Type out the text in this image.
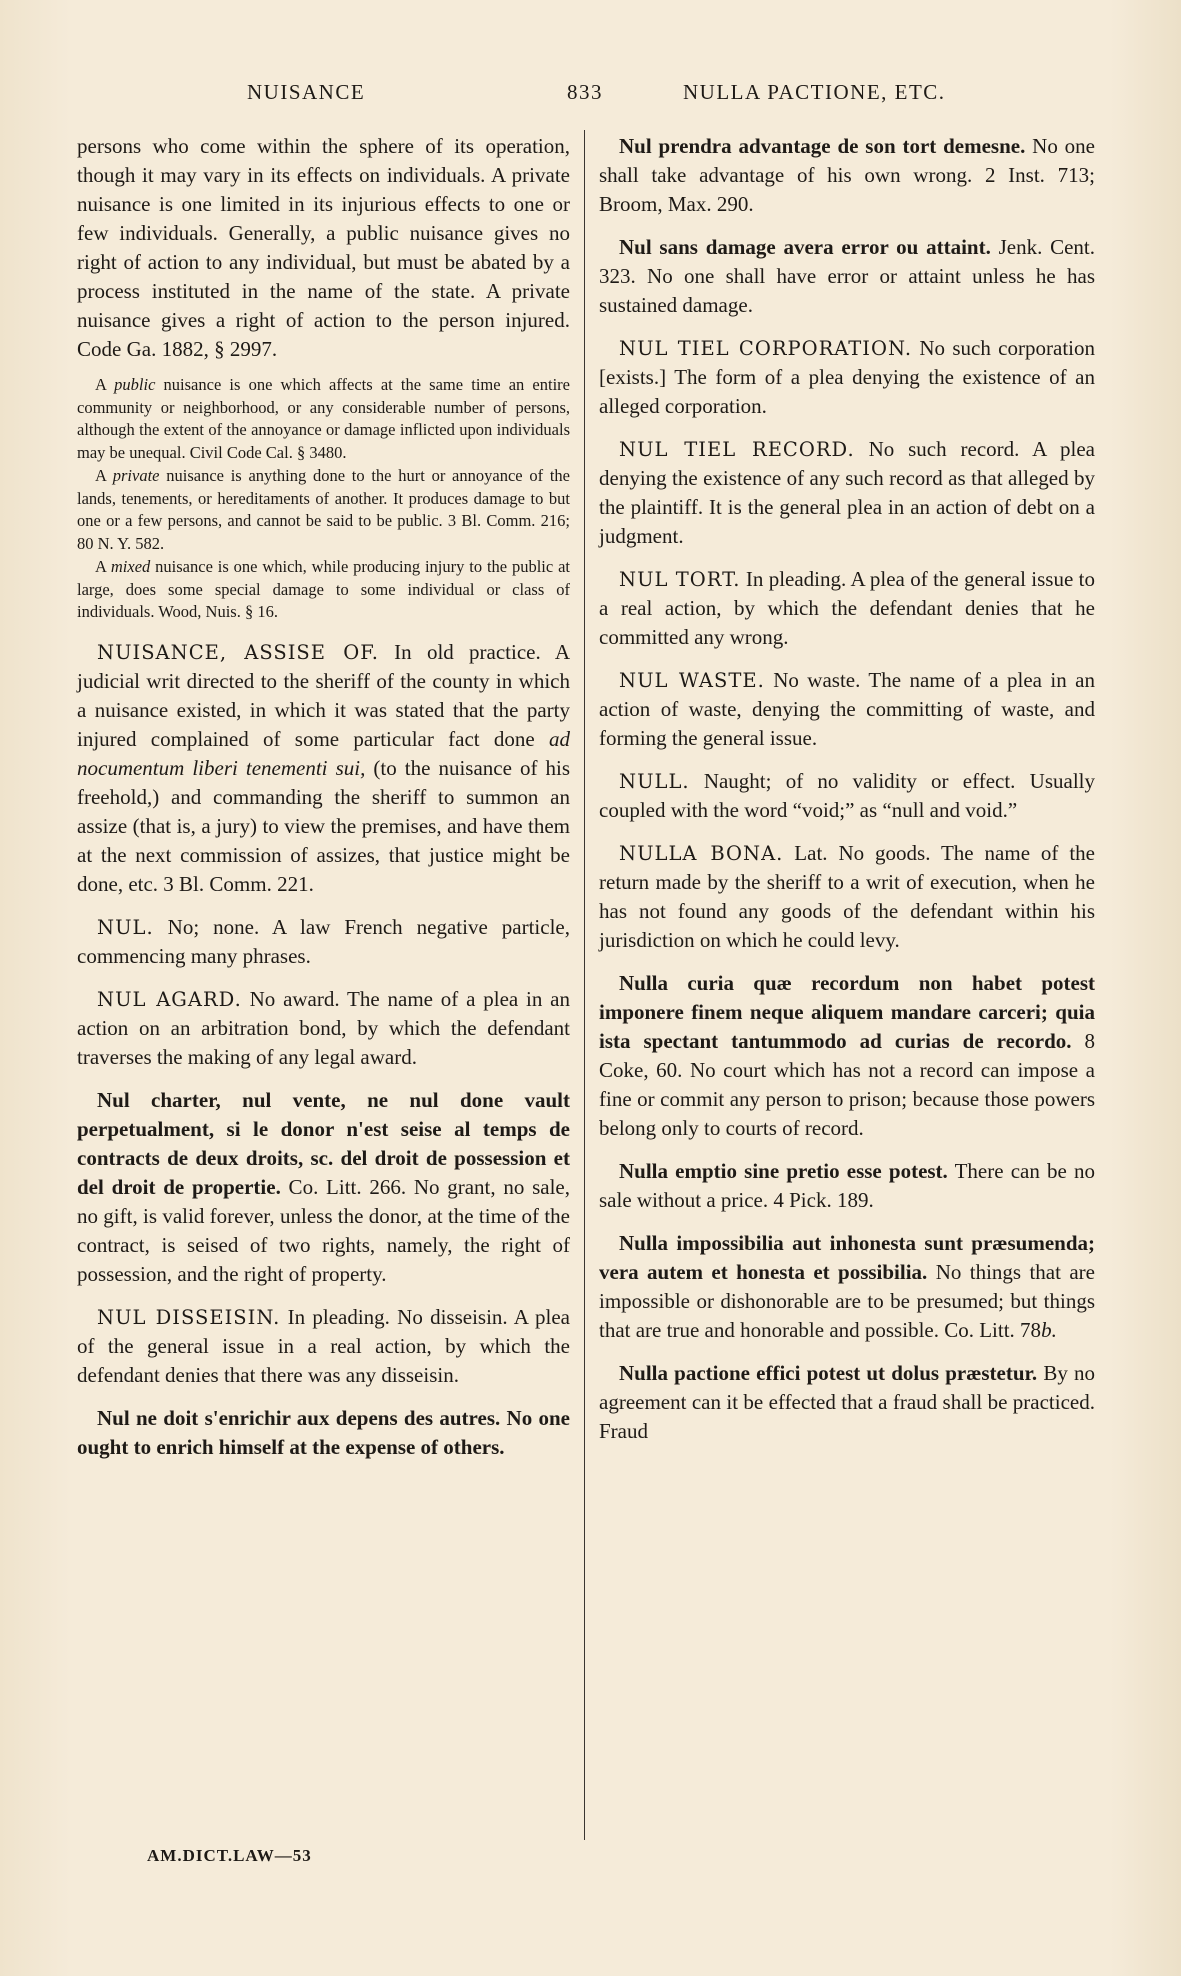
NUISANCE	833	NULLA PACTIONE, ETC.

persons who come within the sphere of its operation, though it may vary in its effects on individuals. A private nuisance is one limited in its injurious effects to one or few individuals. Generally, a public nuisance gives no right of action to any individual, but must be abated by a process instituted in the name of the state. A private nuisance gives a right of action to the person injured. Code Ga. 1882, § 2997.

A public nuisance is one which affects at the same time an entire community or neighborhood, or any considerable number of persons, although the extent of the annoyance or damage inflicted upon individuals may be unequal. Civil Code Cal. § 3480.

A private nuisance is anything done to the hurt or annoyance of the lands, tenements, or hereditaments of another. It produces damage to but one or a few persons, and cannot be said to be public. 3 Bl. Comm. 216; 80 N. Y. 582.

A mixed nuisance is one which, while producing injury to the public at large, does some special damage to some individual or class of individuals. Wood, Nuis. § 16.

NUISANCE, ASSISE OF. In old practice. A judicial writ directed to the sheriff of the county in which a nuisance existed, in which it was stated that the party injured complained of some particular fact done ad nocumentum liberi tenementi sui, (to the nuisance of his freehold,) and commanding the sheriff to summon an assize (that is, a jury) to view the premises, and have them at the next commission of assizes, that justice might be done, etc. 3 Bl. Comm. 221.

NUL. No; none. A law French negative particle, commencing many phrases.

NUL AGARD. No award. The name of a plea in an action on an arbitration bond, by which the defendant traverses the making of any legal award.

Nul charter, nul vente, ne nul done vault perpetualment, si le donor n'est seise al temps de contracts de deux droits, sc. del droit de possession et del droit de propertie. Co. Litt. 266. No grant, no sale, no gift, is valid forever, unless the donor, at the time of the contract, is seised of two rights, namely, the right of possession, and the right of property.

NUL DISSEISIN. In pleading. No disseisin. A plea of the general issue in a real action, by which the defendant denies that there was any disseisin.

Nul ne doit s'enrichir aux depens des autres. No one ought to enrich himself at the expense of others.

Nul prendra advantage de son tort demesne. No one shall take advantage of his own wrong. 2 Inst. 713; Broom, Max. 290.

Nul sans damage avera error ou attaint. Jenk. Cent. 323. No one shall have error or attaint unless he has sustained damage.

NUL TIEL CORPORATION. No such corporation [exists.] The form of a plea denying the existence of an alleged corporation.

NUL TIEL RECORD. No such record. A plea denying the existence of any such record as that alleged by the plaintiff. It is the general plea in an action of debt on a judgment.

NUL TORT. In pleading. A plea of the general issue to a real action, by which the defendant denies that he committed any wrong.

NUL WASTE. No waste. The name of a plea in an action of waste, denying the committing of waste, and forming the general issue.

NULL. Naught; of no validity or effect. Usually coupled with the word “void;” as “null and void.”

NULLA BONA. Lat. No goods. The name of the return made by the sheriff to a writ of execution, when he has not found any goods of the defendant within his jurisdiction on which he could levy.

Nulla curia quæ recordum non habet potest imponere finem neque aliquem mandare carceri; quia ista spectant tantummodo ad curias de recordo. 8 Coke, 60. No court which has not a record can impose a fine or commit any person to prison; because those powers belong only to courts of record.

Nulla emptio sine pretio esse potest. There can be no sale without a price. 4 Pick. 189.

Nulla impossibilia aut inhonesta sunt præsumenda; vera autem et honesta et possibilia. No things that are impossible or dishonorable are to be presumed; but things that are true and honorable and possible. Co. Litt. 78b.

Nulla pactione effici potest ut dolus præstetur. By no agreement can it be effected that a fraud shall be practiced. Fraud

AM.DICT.LAW—53
